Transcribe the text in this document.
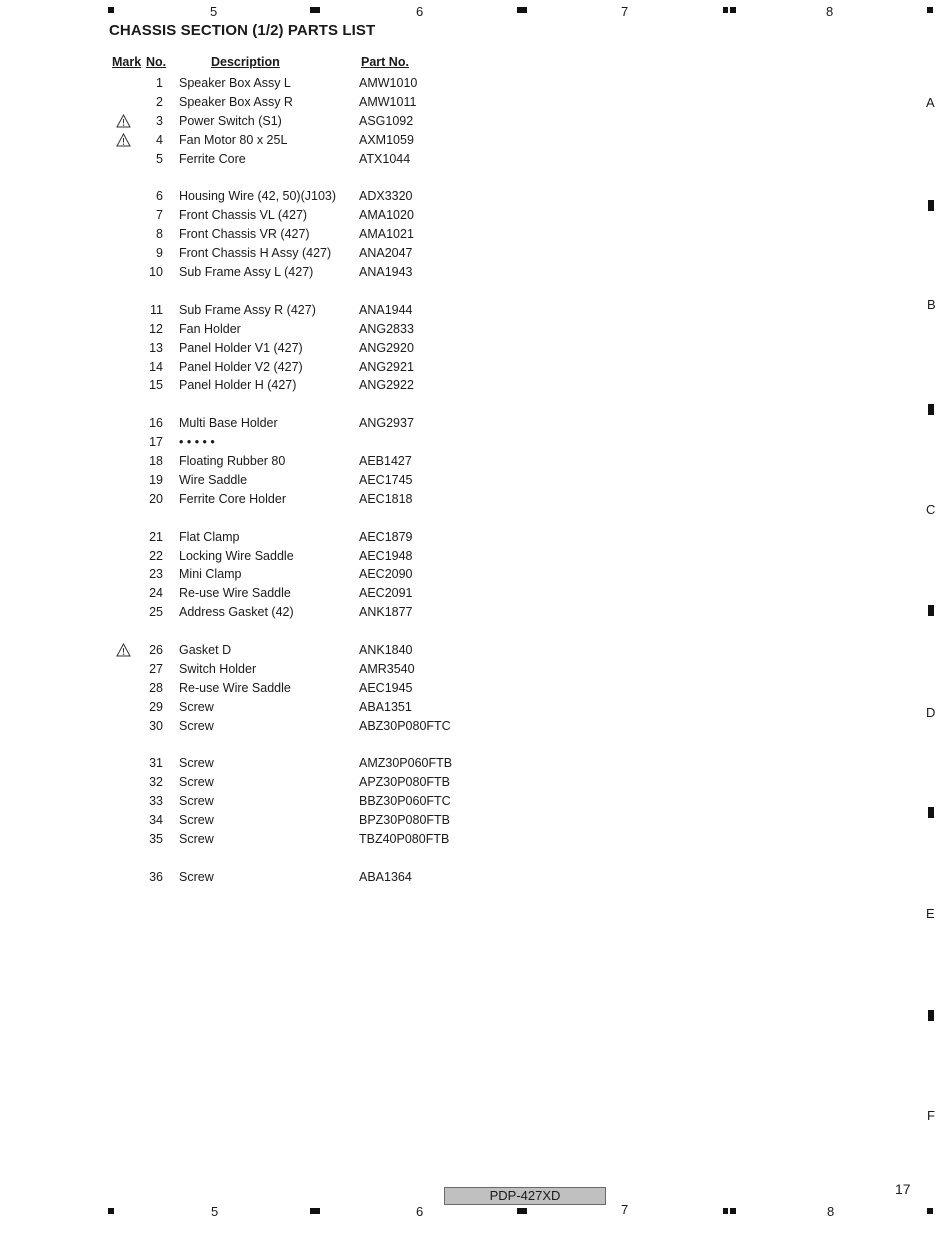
5	6	7	8
5	6	7	8
A
B
C
D
E
F
CHASSIS SECTION (1/2) PARTS LIST
Mark No.	Description	Part No.
1 Speaker Box Assy L	AMW1010
2 Speaker Box Assy R	AMW1011
3 Power Switch (S1)	ASG1092
4 Fan Motor 80 x 25L	AXM1059
5 Ferrite Core	ATX1044
6 Housing Wire (42, 50)(J103) ADX3320
7 Front Chassis VL (427)	AMA1020
8 Front Chassis VR (427)	AMA1021
9 Front Chassis H Assy (427) ANA2047
10 Sub Frame Assy L (427)	ANA1943
11 Sub Frame Assy R (427)	ANA1944
12 Fan Holder	ANG2833
13 Panel Holder V1 (427)	ANG2920
14 Panel Holder V2 (427)	ANG2921
15 Panel Holder H (427)	ANG2922
16 Multi Base Holder	ANG2937
17 • • • • •
18 Floating Rubber 80	AEB1427
19 Wire Saddle	AEC1745
20 Ferrite Core Holder	AEC1818
21 Flat Clamp	AEC1879
22 Locking Wire Saddle	AEC1948
23 Mini Clamp	AEC2090
24 Re-use Wire Saddle	AEC2091
25 Address Gasket (42)	ANK1877
26 Gasket D	ANK1840
27 Switch Holder	AMR3540
28 Re-use Wire Saddle	AEC1945
29 Screw	ABA1351
30 Screw	ABZ30P080FTC
31 Screw	AMZ30P060FTB
32 Screw	APZ30P080FTB
33 Screw	BBZ30P060FTC
34 Screw	BPZ30P080FTB
35 Screw	TBZ40P080FTB
36 Screw	ABA1364
PDP-427XD	17
